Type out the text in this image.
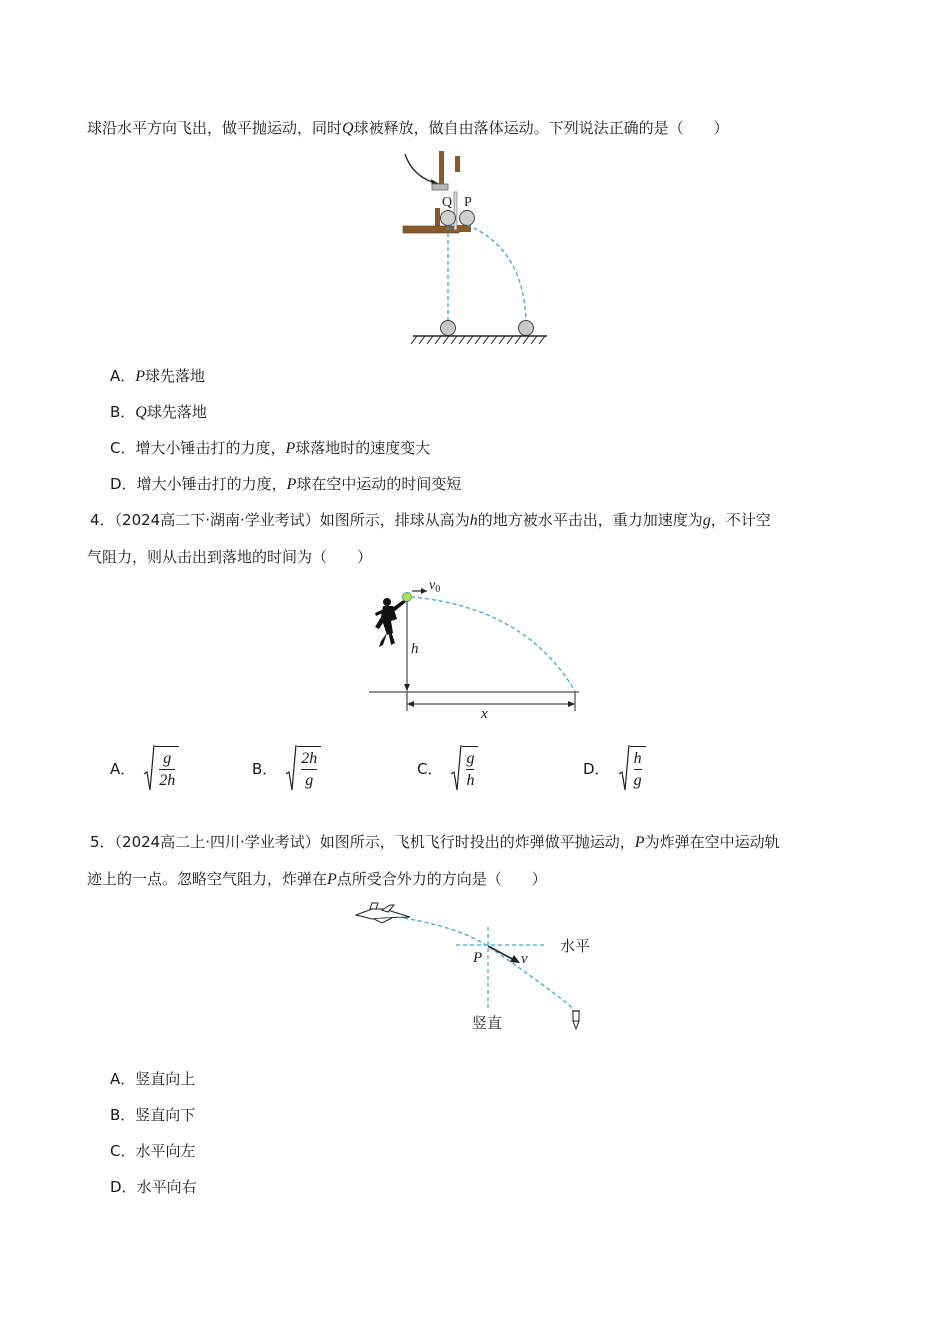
球沿水平方向飞出，做平抛运动，同时Q球被释放，做自由落体运动。下列说法正确的是（　　）
Q P
A．P球先落地
B．Q球先落地
C．增大小锤击打的力度，P球落地时的速度变大
D．增大小锤击打的力度，P球在空中运动的时间变短
4．（2024高二下·湖南·学业考试）如图所示，排球从高为h的地方被水平击出，重力加速度为g，不计空
气阻力，则从击出到落地的时间为（　　）
$v_0$
h
x
A． $\frac{g}{2h}$	B． $\frac{2h}{g}$	C． $\frac{g}{h}$	D． $\frac{h}{g}$
5．（2024高二上·四川·学业考试）如图所示，飞机飞行时投出的炸弹做平抛运动，P为炸弹在空中运动轨
迹上的一点。忽略空气阻力，炸弹在P点所受合外力的方向是（　　）
P	v
水平
竖直
A．竖直向上
B．竖直向下
C．水平向左
D．水平向右
